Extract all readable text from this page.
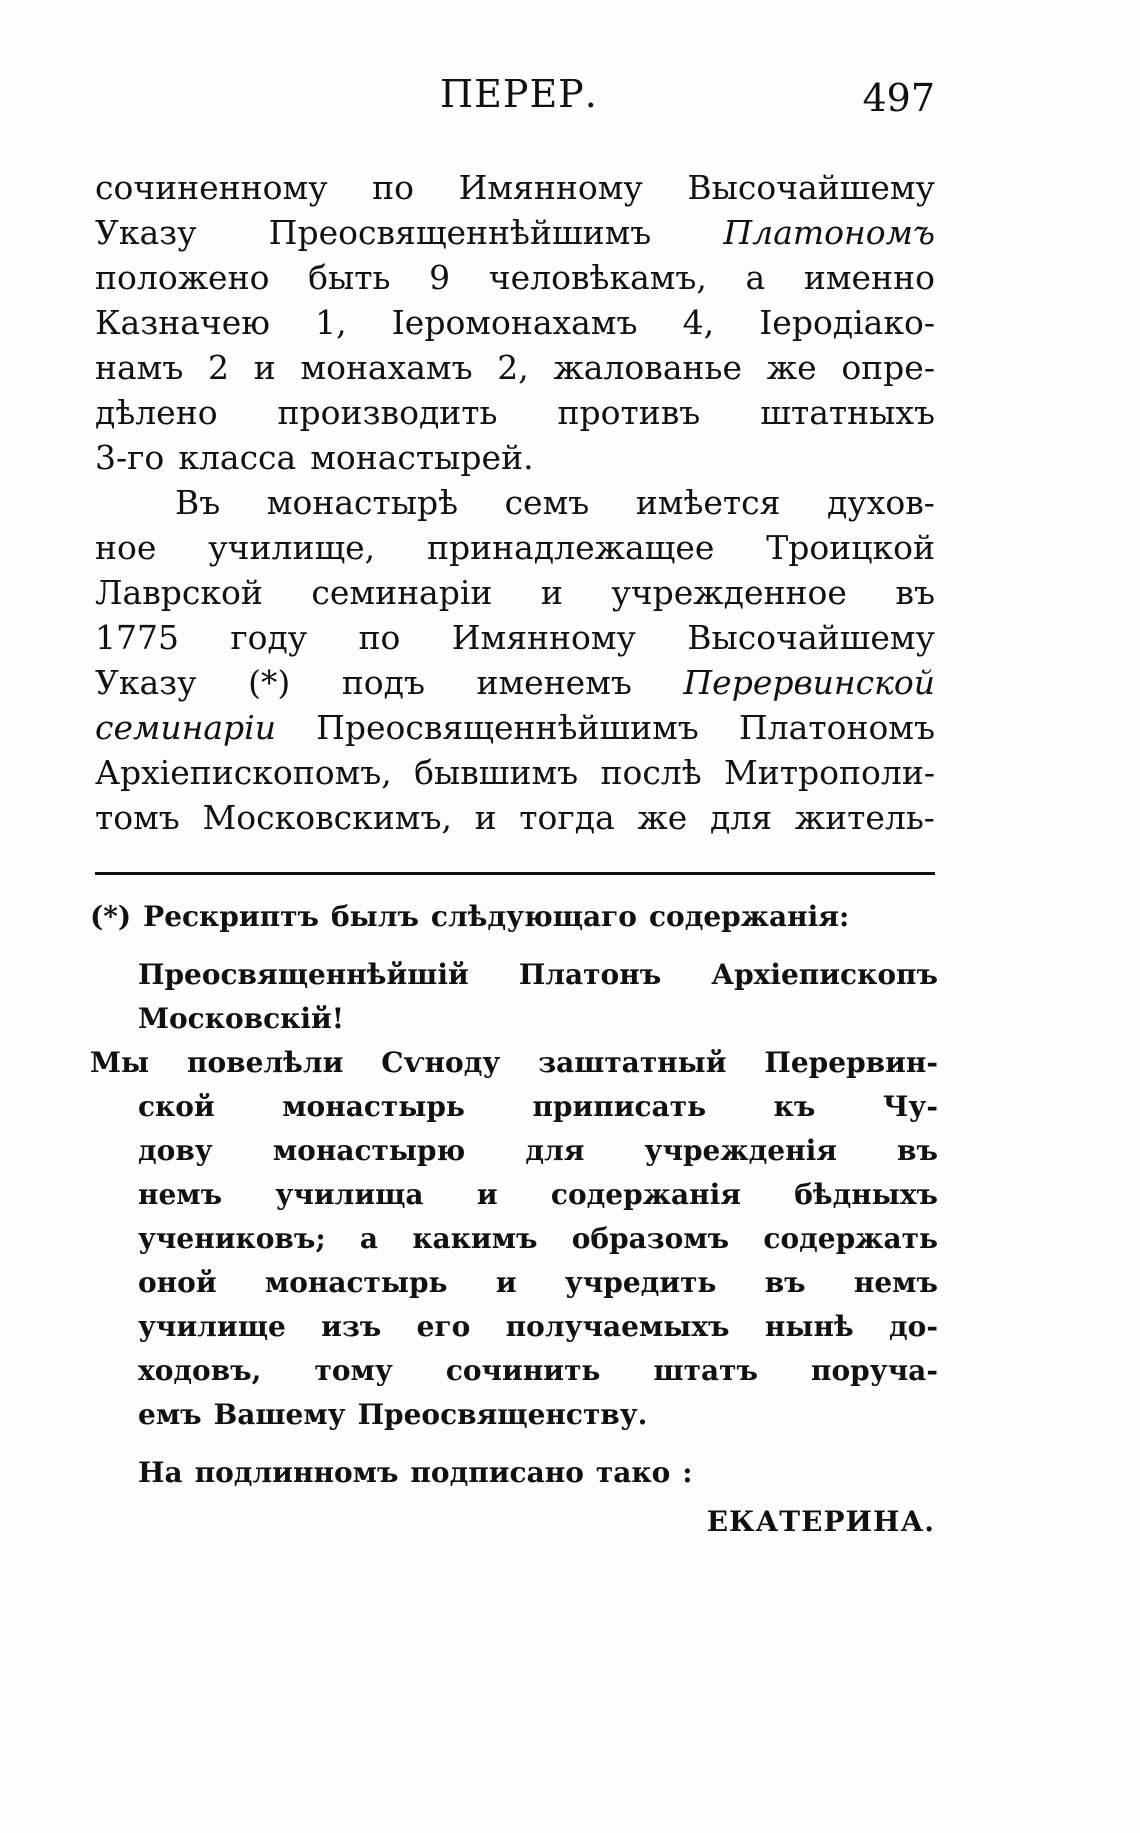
ПЕРЕР.	497
сочиненному по Имянному Высочайшему
Указу Преосвященнѣйшимъ Платономъ
положено быть 9 человѣкамъ, а именно
Казначею 1, Iеромонахамъ 4, Iеродiако-
намъ 2 и монахамъ 2, жалованье же опре-
дѣлено производить противъ штатныхъ
3-го класса монастырей.
Въ монастырѣ семъ имѣется духов-
ное училище, принадлежащее Троицкой
Лаврской семинарiи и учрежденное въ
1775 году по Имянному Высочайшему
Указу (*) подъ именемъ Перервинской
семинарiи Преосвященнѣйшимъ Платономъ
Архiепископомъ, бывшимъ послѣ Митрополи-
томъ Московскимъ, и тогда же для житель-
(*) Рескриптъ былъ слѣдующаго содержанiя:
Преосвященнѣйшiй Платонъ Архiепископъ
Московскiй!
Мы повелѣли Сѵноду заштатный Перервин-
ской монастырь приписать къ Чу-
дову монастырю для учрежденiя въ
немъ училища и содержанiя бѣдныхъ
учениковъ; а какимъ образомъ содержать
оной монастырь и учредить въ немъ
училище изъ его получаемыхъ нынѣ до-
ходовъ, тому сочинить штатъ поруча-
емъ Вашему Преосвященству.
На подлинномъ подписано тако :
ЕКАТЕРИНА.
